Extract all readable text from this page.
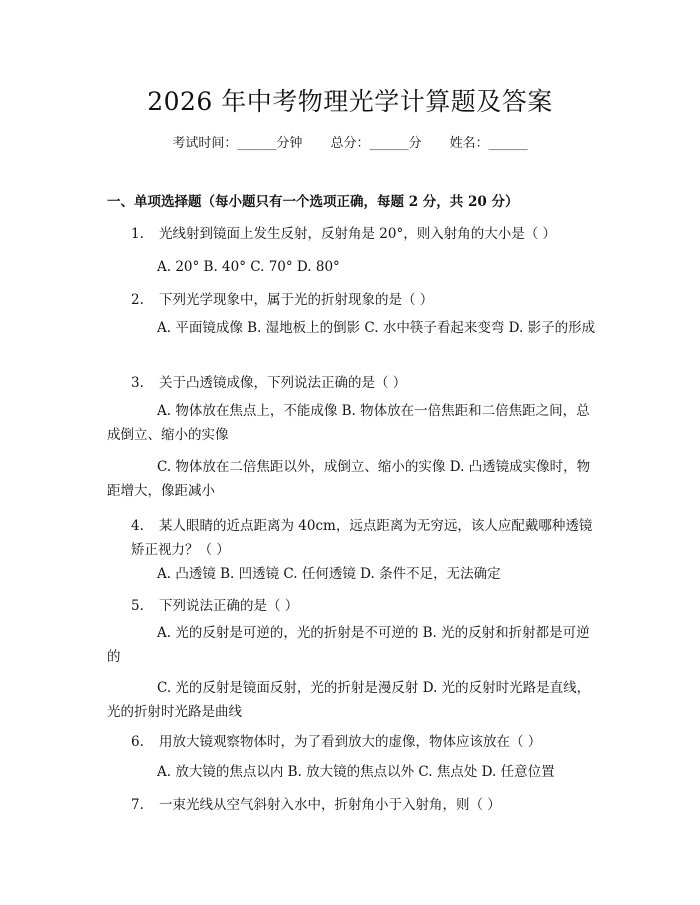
2026 年中考物理光学计算题及答案
考试时间：______分钟 总分：______分 姓名：______
一、单项选择题（每小题只有一个选项正确，每题 2 分，共 20 分）
1. 光线射到镜面上发生反射，反射角是 20°，则入射角的大小是（ ）
A. 20° B. 40° C. 70° D. 80°
2. 下列光学现象中，属于光的折射现象的是（ ）
A. 平面镜成像 B. 湿地板上的倒影 C. 水中筷子看起来变弯 D. 影子的形成
3. 关于凸透镜成像，下列说法正确的是（ ）
A. 物体放在焦点上，不能成像 B. 物体放在一倍焦距和二倍焦距之间，总成倒立、缩小的实像
C. 物体放在二倍焦距以外，成倒立、缩小的实像 D. 凸透镜成实像时，物距增大，像距减小
4. 某人眼睛的近点距离为 40cm，远点距离为无穷远，该人应配戴哪种透镜矫正视力？（ ）
A. 凸透镜 B. 凹透镜 C. 任何透镜 D. 条件不足，无法确定
5. 下列说法正确的是（ ）
A. 光的反射是可逆的，光的折射是不可逆的 B. 光的反射和折射都是可逆的
C. 光的反射是镜面反射，光的折射是漫反射 D. 光的反射时光路是直线，光的折射时光路是曲线
6. 用放大镜观察物体时，为了看到放大的虚像，物体应该放在（ ）
A. 放大镜的焦点以内 B. 放大镜的焦点以外 C. 焦点处 D. 任意位置
7. 一束光线从空气斜射入水中，折射角小于入射角，则（ ）
